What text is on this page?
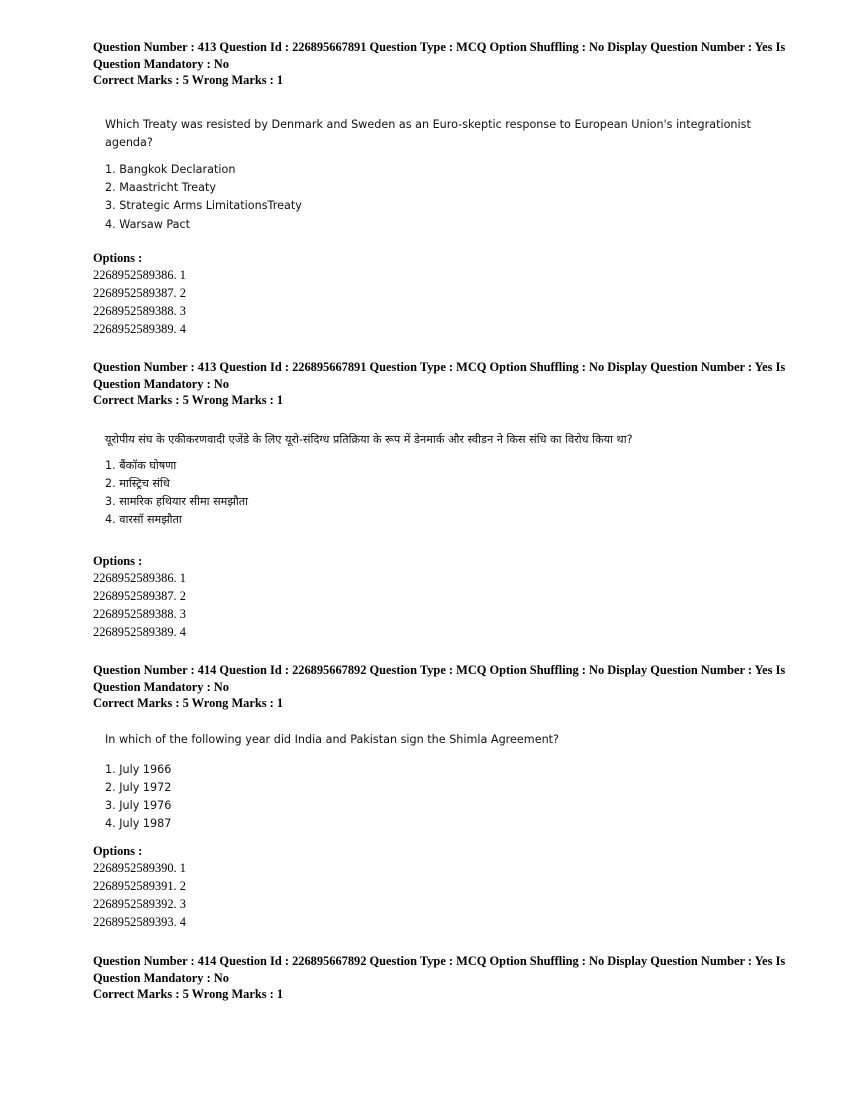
Question Number : 413 Question Id : 226895667891 Question Type : MCQ Option Shuffling : No Display Question Number : Yes Is
Question Mandatory : No
Correct Marks : 5 Wrong Marks : 1
Which Treaty was resisted by Denmark and Sweden as an Euro-skeptic response to European Union's integrationist
agenda?
1. Bangkok Declaration
2. Maastricht Treaty
3. Strategic Arms LimitationsTreaty
4. Warsaw Pact
Options :
2268952589386. 1
2268952589387. 2
2268952589388. 3
2268952589389. 4
Question Number : 413 Question Id : 226895667891 Question Type : MCQ Option Shuffling : No Display Question Number : Yes Is
Question Mandatory : No
Correct Marks : 5 Wrong Marks : 1
यूरोपीय संघ के एकीकरणवादी एजेंडे के लिए यूरो-संदिग्ध प्रतिक्रिया के रूप में डेनमार्क और स्वीडन ने किस संधि का विरोध किया था?
1. बैंकॉक घोषणा
2. मास्ट्रिच संधि
3. सामरिक हथियार सीमा समझौता
4. वारसॉ समझौता
Options :
2268952589386. 1
2268952589387. 2
2268952589388. 3
2268952589389. 4
Question Number : 414 Question Id : 226895667892 Question Type : MCQ Option Shuffling : No Display Question Number : Yes Is
Question Mandatory : No
Correct Marks : 5 Wrong Marks : 1
In which of the following year did India and Pakistan sign the Shimla Agreement?
1. July 1966
2. July 1972
3. July 1976
4. July 1987
Options :
2268952589390. 1
2268952589391. 2
2268952589392. 3
2268952589393. 4
Question Number : 414 Question Id : 226895667892 Question Type : MCQ Option Shuffling : No Display Question Number : Yes Is
Question Mandatory : No
Correct Marks : 5 Wrong Marks : 1
